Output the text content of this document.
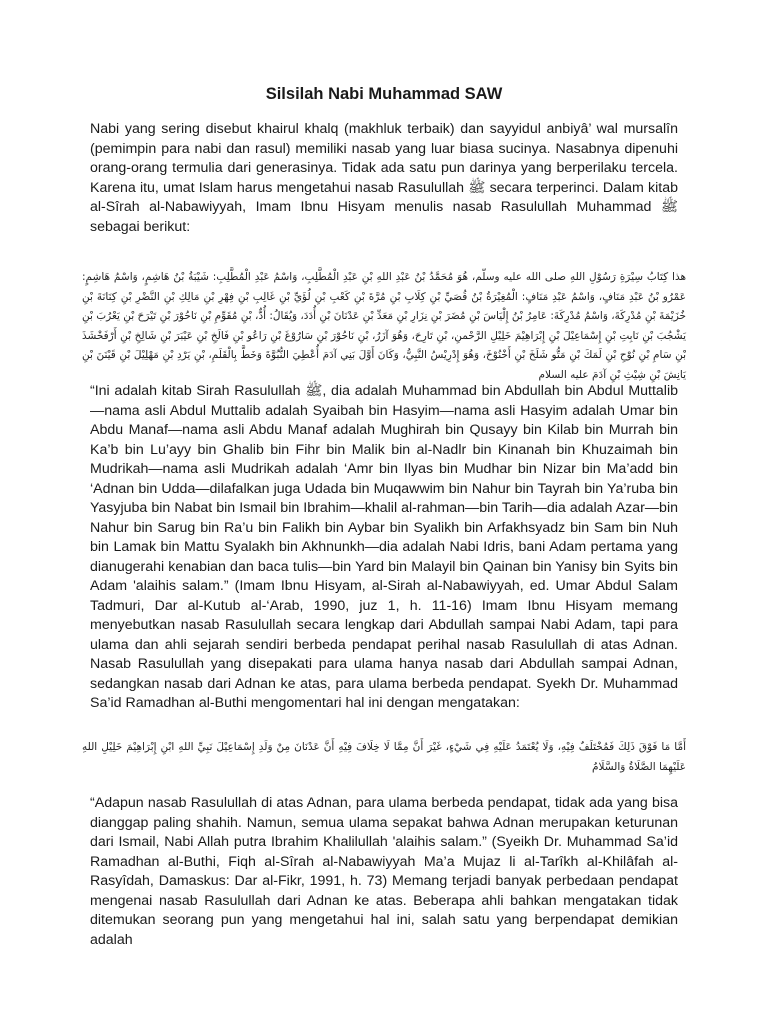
Silsilah Nabi Muhammad SAW

Nabi yang sering disebut khairul khalq (makhluk terbaik) dan sayyidul anbiyâ’ wal mursalîn (pemimpin para nabi dan rasul) memiliki nasab yang luar biasa sucinya. Nasabnya dipenuhi orang-orang termulia dari generasinya. Tidak ada satu pun darinya yang berperilaku tercela. Karena itu, umat Islam harus mengetahui nasab Rasulullah ﷺ secara terperinci. Dalam kitab al-Sîrah al-Nabawiyyah, Imam Ibnu Hisyam menulis nasab Rasulullah Muhammad ﷺ sebagai berikut:

هذا كِتَابُ سِيْرَةِ رَسُوْلِ اللهِ صلى الله عليه وسلّم، هُوَ مُحَمَّدُ بْنُ عَبْدِ اللهِ بْنِ عَبْدِ الْمُطَّلِبِ، وَاسْمُ عَبْدِ الْمُطَّلِبِ: شَيْبَةُ بْنُ هَاشِمٍ، وَاسْمُ هَاشِمٍ: عَمْرُو بْنُ عَبْدِ مَنَافٍ، وَاسْمُ عَبْدِ مَنَافٍ: الْمُغِيْرَةُ بْنُ قُصَيِّ بْنِ كِلَابِ بْنِ مُرَّةَ بْنِ كَعْبِ بْنِ لُؤَيِّ بْنِ غَالِبِ بْنِ فِهْرِ بْنِ مَالِكِ بْنِ النَّضْرِ بْنِ كِنَانَةَ بْنِ خُزَيْمَةَ بْنِ مُدْرِكَةَ، وَاسْمُ مُدْرِكَةَ: عَامِرُ بْنُ إِلْيَاسَ بْنِ مُضَرَ بْنِ نِزَارِ بْنِ مَعَدِّ بْنِ عَدْنَانَ بْنِ أُدَدَ، وَيُقَالُ: أُدٌّ، بْنِ مُقَوِّمِ بْنِ نَاحُوْرَ بْنِ تَيْرَحَ بْنِ يَعْرُبَ بْنِ يَشْجُبَ بْنِ نَابِتِ بْنِ إِسْمَاعِيْلَ بْنِ إِبْرَاهِيْمَ خَلِيْلِ الرَّحْمنِ، بْنِ تَارِحَ، وَهُوَ آزَرُ، بْنِ نَاحُوْرَ بْنِ سَارُوْغَ بْنِ رَاعُو بْنِ فَالَخِ بْنِ عَيْبَرَ بْنِ شَالِخِ بْنِ أَرْفَخْشَذَ بْنِ سَامِ بْنِ نُوْحِ بْنِ لَمَكَ بْنِ مَتُّو شَلَخَ بْنِ أَخْنُوْخَ، وَهُوَ إِدْرِيْسُ النَّبِيُّ، وَكَانَ أَوَّلَ بَنِي آدَمَ أُعْطِيَ النُّبُوَّةَ وَخَطَّ بِالْقَلَمِ، بْنِ يَرْدِ بْنِ مَهْلِيْلَ بْنِ قَيْنَنَ بْنِ يَانِشَ بْنِ شِيْثِ بْنِ آدَمَ عليه السلام

“Ini adalah kitab Sirah Rasulullah ﷺ, dia adalah Muhammad bin Abdullah bin Abdul Muttalib—nama asli Abdul Muttalib adalah Syaibah bin Hasyim—nama asli Hasyim adalah Umar bin Abdu Manaf—nama asli Abdu Manaf adalah Mughirah bin Qusayy bin Kilab bin Murrah bin Ka’b bin Lu’ayy bin Ghalib bin Fihr bin Malik bin al-Nadlr bin Kinanah bin Khuzaimah bin Mudrikah—nama asli Mudrikah adalah ‘Amr bin Ilyas bin Mudhar bin Nizar bin Ma’add bin ‘Adnan bin Udda—dilafalkan juga Udada bin Muqawwim bin Nahur bin Tayrah bin Ya’ruba bin Yasyjuba bin Nabat bin Ismail bin Ibrahim—khalil al-rahman—bin Tarih—dia adalah Azar—bin Nahur bin Sarug bin Ra’u bin Falikh bin Aybar bin Syalikh bin Arfakhsyadz bin Sam bin Nuh bin Lamak bin Mattu Syalakh bin Akhnunkh—dia adalah Nabi Idris, bani Adam pertama yang dianugerahi kenabian dan baca tulis—bin Yard bin Malayil bin Qainan bin Yanisy bin Syits bin Adam 'alaihis salam.” (Imam Ibnu Hisyam, al-Sirah al-Nabawiyyah, ed. Umar Abdul Salam Tadmuri, Dar al-Kutub al-‘Arab, 1990, juz 1, h. 11-16) Imam Ibnu Hisyam memang menyebutkan nasab Rasulullah secara lengkap dari Abdullah sampai Nabi Adam, tapi para ulama dan ahli sejarah sendiri berbeda pendapat perihal nasab Rasulullah di atas Adnan. Nasab Rasulullah yang disepakati para ulama hanya nasab dari Abdullah sampai Adnan, sedangkan nasab dari Adnan ke atas, para ulama berbeda pendapat. Syekh Dr. Muhammad Sa’id Ramadhan al-Buthi mengomentari hal ini dengan mengatakan:

أَمَّا مَا فَوْقَ ذَلِكَ فَمُخْتَلَفٌ فِيْهِ، وَلَا يُعْتَمَدُ عَلَيْهِ فِي شَيْءٍ، غَيْرَ أَنَّ مِمَّا لَا خِلَافَ فِيْهِ أَنَّ عَدْنَانَ مِنْ وَلَدِ إِسْمَاعِيْلَ نَبِيِّ اللهِ ابْنِ إِبْرَاهِيْمَ خَلِيْلِ اللهِ عَلَيْهِمَا الصَّلَاةُ وَالسَّلَامُ

“Adapun nasab Rasulullah di atas Adnan, para ulama berbeda pendapat, tidak ada yang bisa dianggap paling shahih. Namun, semua ulama sepakat bahwa Adnan merupakan keturunan dari Ismail, Nabi Allah putra Ibrahim Khalilullah 'alaihis salam.” (Syeikh Dr. Muhammad Sa’id Ramadhan al-Buthi, Fiqh al-Sîrah al-Nabawiyyah Ma’a Mujaz li al-Tarîkh al-Khilâfah al-Rasyîdah, Damaskus: Dar al-Fikr, 1991, h. 73) Memang terjadi banyak perbedaan pendapat mengenai nasab Rasulullah dari Adnan ke atas. Beberapa ahli bahkan mengatakan tidak ditemukan seorang pun yang mengetahui hal ini, salah satu yang berpendapat demikian adalah
